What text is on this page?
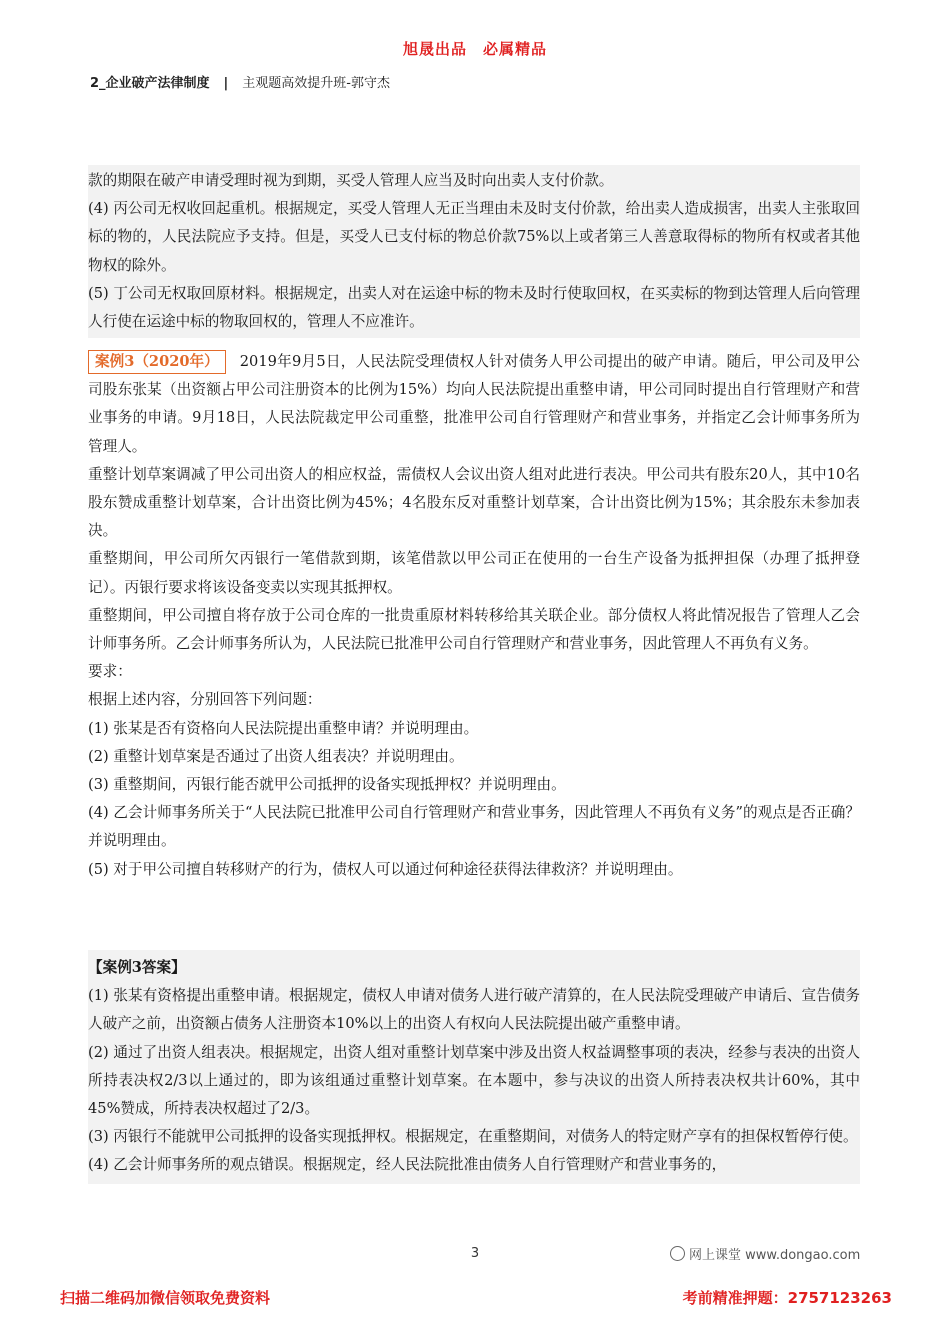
旭晟出品　必属精品
2_企业破产法律制度 | 主观题高效提升班-郭守杰

款的期限在破产申请受理时视为到期，买受人管理人应当及时向出卖人支付价款。

(4) 丙公司无权收回起重机。根据规定，买受人管理人无正当理由未及时支付价款，给出卖人造成损害，出卖人主张取回标的物的，人民法院应予支持。但是，买受人已支付标的物总价款75%以上或者第三人善意取得标的物所有权或者其他物权的除外。

(5) 丁公司无权取回原材料。根据规定，出卖人对在运途中标的物未及时行使取回权，在买卖标的物到达管理人后向管理人行使在运途中标的物取回权的，管理人不应准许。

案例3（2020年） 2019年9月5日，人民法院受理债权人针对债务人甲公司提出的破产申请。随后，甲公司及甲公司股东张某（出资额占甲公司注册资本的比例为15%）均向人民法院提出重整申请，甲公司同时提出自行管理财产和营业事务的申请。9月18日，人民法院裁定甲公司重整，批准甲公司自行管理财产和营业事务，并指定乙会计师事务所为管理人。

重整计划草案调减了甲公司出资人的相应权益，需债权人会议出资人组对此进行表决。甲公司共有股东20人，其中10名股东赞成重整计划草案，合计出资比例为45%；4名股东反对重整计划草案，合计出资比例为15%；其余股东未参加表决。

重整期间，甲公司所欠丙银行一笔借款到期，该笔借款以甲公司正在使用的一台生产设备为抵押担保（办理了抵押登记）。丙银行要求将该设备变卖以实现其抵押权。

重整期间，甲公司擅自将存放于公司仓库的一批贵重原材料转移给其关联企业。部分债权人将此情况报告了管理人乙会计师事务所。乙会计师事务所认为，人民法院已批准甲公司自行管理财产和营业事务，因此管理人不再负有义务。

要求：

根据上述内容，分别回答下列问题：

(1) 张某是否有资格向人民法院提出重整申请？并说明理由。

(2) 重整计划草案是否通过了出资人组表决？并说明理由。

(3) 重整期间，丙银行能否就甲公司抵押的设备实现抵押权？并说明理由。

(4) 乙会计师事务所关于“人民法院已批准甲公司自行管理财产和营业事务，因此管理人不再负有义务”的观点是否正确？并说明理由。

(5) 对于甲公司擅自转移财产的行为，债权人可以通过何种途径获得法律救济？并说明理由。

【案例3答案】

(1) 张某有资格提出重整申请。根据规定，债权人申请对债务人进行破产清算的，在人民法院受理破产申请后、宣告债务人破产之前，出资额占债务人注册资本10%以上的出资人有权向人民法院提出破产重整申请。

(2) 通过了出资人组表决。根据规定，出资人组对重整计划草案中涉及出资人权益调整事项的表决，经参与表决的出资人所持表决权2/3以上通过的，即为该组通过重整计划草案。在本题中，参与决议的出资人所持表决权共计60%，其中45%赞成，所持表决权超过了2/3。

(3) 丙银行不能就甲公司抵押的设备实现抵押权。根据规定，在重整期间，对债务人的特定财产享有的担保权暂停行使。

(4) 乙会计师事务所的观点错误。根据规定，经人民法院批准由债务人自行管理财产和营业事务的，

3	网上课堂 www.dongao.com
扫描二维码加微信领取免费资料	考前精准押题：2757123263
